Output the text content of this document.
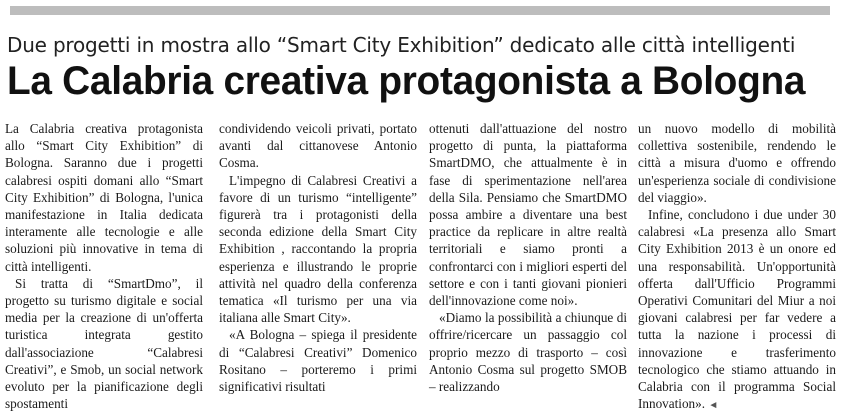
Due progetti in mostra allo “Smart City Exhibition” dedicato alle città intelligenti
La Calabria creativa protagonista a Bologna

La Calabria creativa protagonista allo “Smart City Exhibition” di Bologna. Saranno due i progetti calabresi ospiti domani allo “Smart City Exhibition” di Bologna, l'unica manifestazione in Italia dedicata interamente alle tecnologie e alle soluzioni più innovative in tema di città intelligenti.

Si tratta di “SmartDmo”, il progetto su turismo digitale e social media per la creazione di un'offerta turistica integrata gestito dall'associazione “Calabresi Creativi”, e Smob, un social network evoluto per la pianificazione degli spostamenti

condividendo veicoli privati, portato avanti dal cittanovese Antonio Cosma.

L'impegno di Calabresi Creativi a favore di un turismo “intelligente” figurerà tra i protagonisti della seconda edizione della Smart City Exhibition , raccontando la propria esperienza e illustrando le proprie attività nel quadro della conferenza tematica «Il turismo per una via italiana alle Smart City».

«A Bologna – spiega il presidente di “Calabresi Creativi” Domenico Rositano – porteremo i primi significativi risultati

ottenuti dall'attuazione del nostro progetto di punta, la piattaforma SmartDMO, che attualmente è in fase di sperimentazione nell'area della Sila. Pensiamo che SmartDMO possa ambire a diventare una best practice da replicare in altre realtà territoriali e siamo pronti a confrontarci con i migliori esperti del settore e con i tanti giovani pionieri dell'innovazione come noi».

«Diamo la possibilità a chiunque di offrire/ricercare un passaggio col proprio mezzo di trasporto – così Antonio Cosma sul progetto SMOB – realizzando

un nuovo modello di mobilità collettiva sostenibile, rendendo le città a misura d'uomo e offrendo un'esperienza sociale di condivisione del viaggio».

Infine, concludono i due under 30 calabresi «La presenza allo Smart City Exhibition 2013 è un onore ed una responsabilità. Un'opportunità offerta dall'Ufficio Programmi Operativi Comunitari del Miur a noi giovani calabresi per far vedere a tutta la nazione i processi di innovazione e trasferimento tecnologico che stiamo attuando in Calabria con il programma Social Innovation». ◄
